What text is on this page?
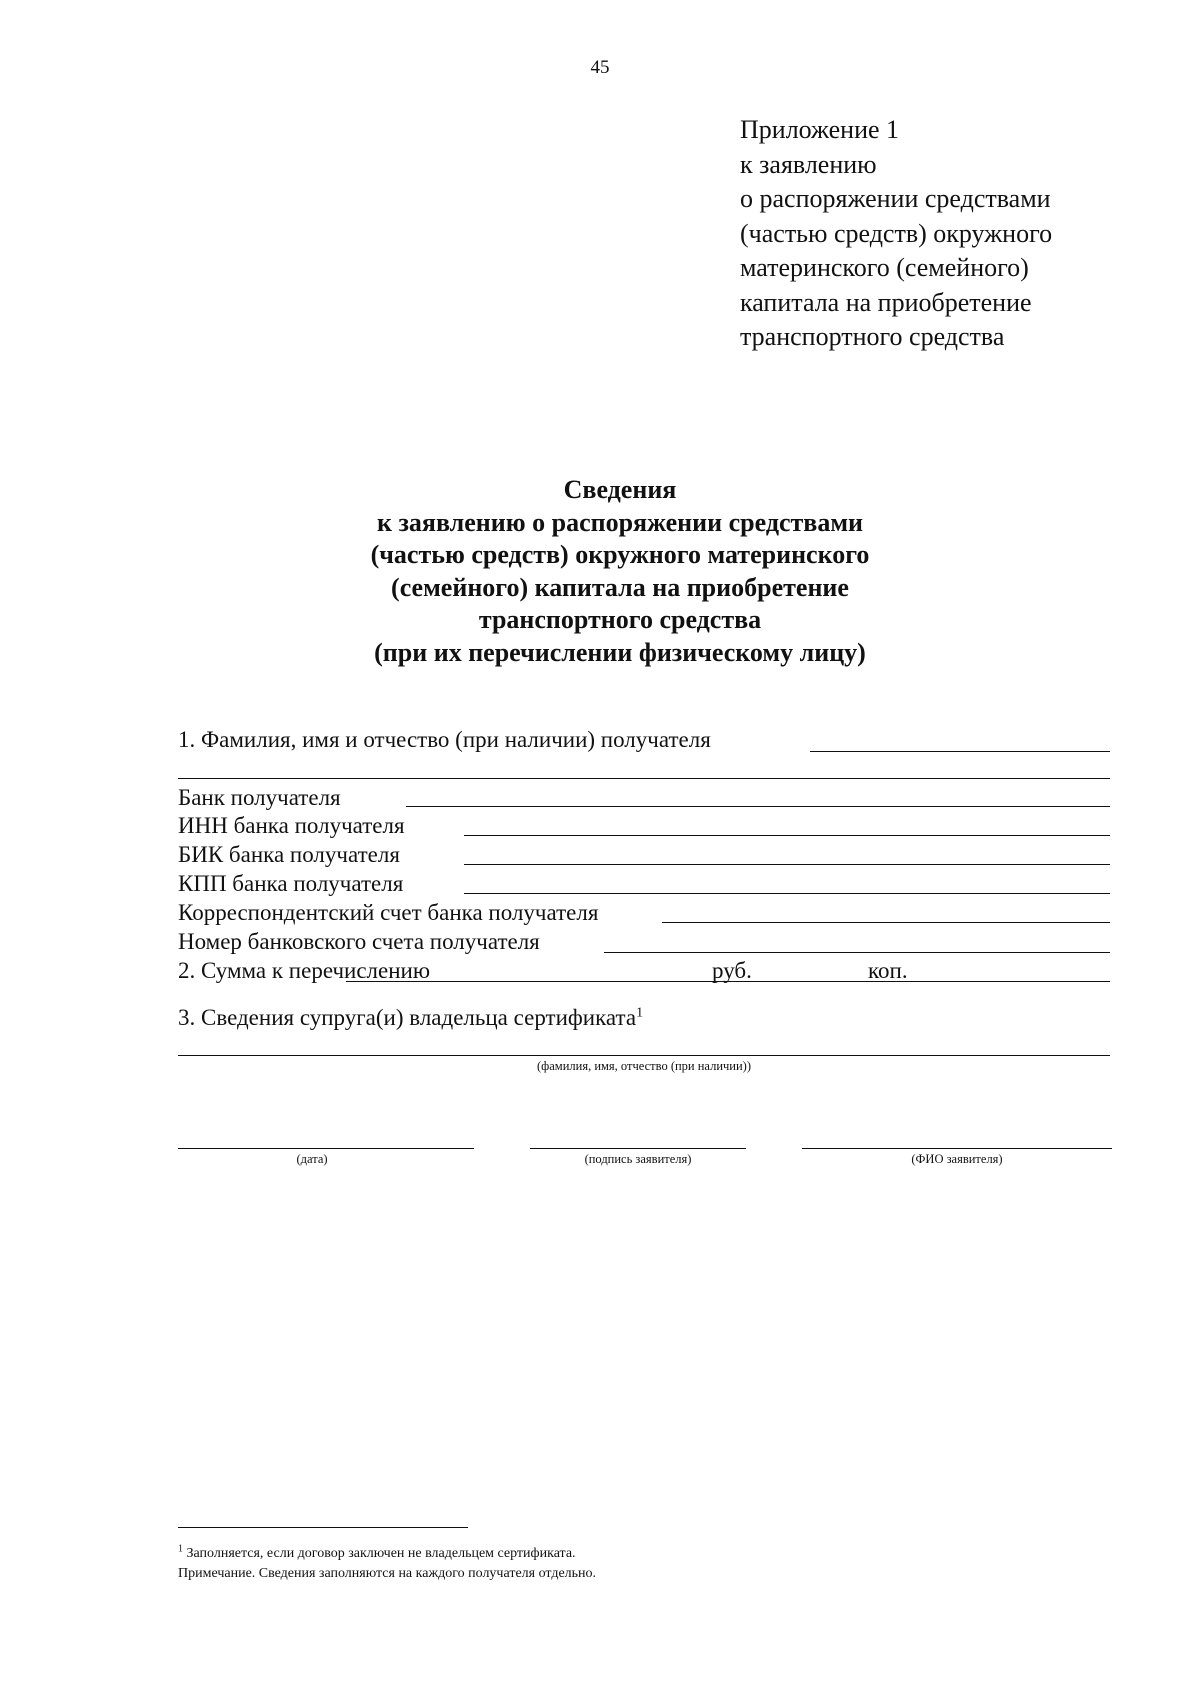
45
Приложение 1
к заявлению
о распоряжении средствами
(частью средств) окружного
материнского (семейного)
капитала на приобретение
транспортного средства
Сведения
к заявлению о распоряжении средствами
(частью средств) окружного материнского
(семейного) капитала на приобретение
транспортного средства
(при их перечислении физическому лицу)
1. Фамилия, имя и отчество (при наличии) получателя
Банк получателя
ИНН банка получателя
БИК банка получателя
КПП банка получателя
Корреспондентский счет банка получателя
Номер банковского счета получателя
2. Сумма к перечислению	руб.	коп.
3. Сведения супруга(и) владельца сертификата$^1$
(фамилия, имя, отчество (при наличии))
(дата)	(подпись заявителя)	(ФИО заявителя)
$^1$ Заполняется, если договор заключен не владельцем сертификата.
Примечание. Сведения заполняются на каждого получателя отдельно.
